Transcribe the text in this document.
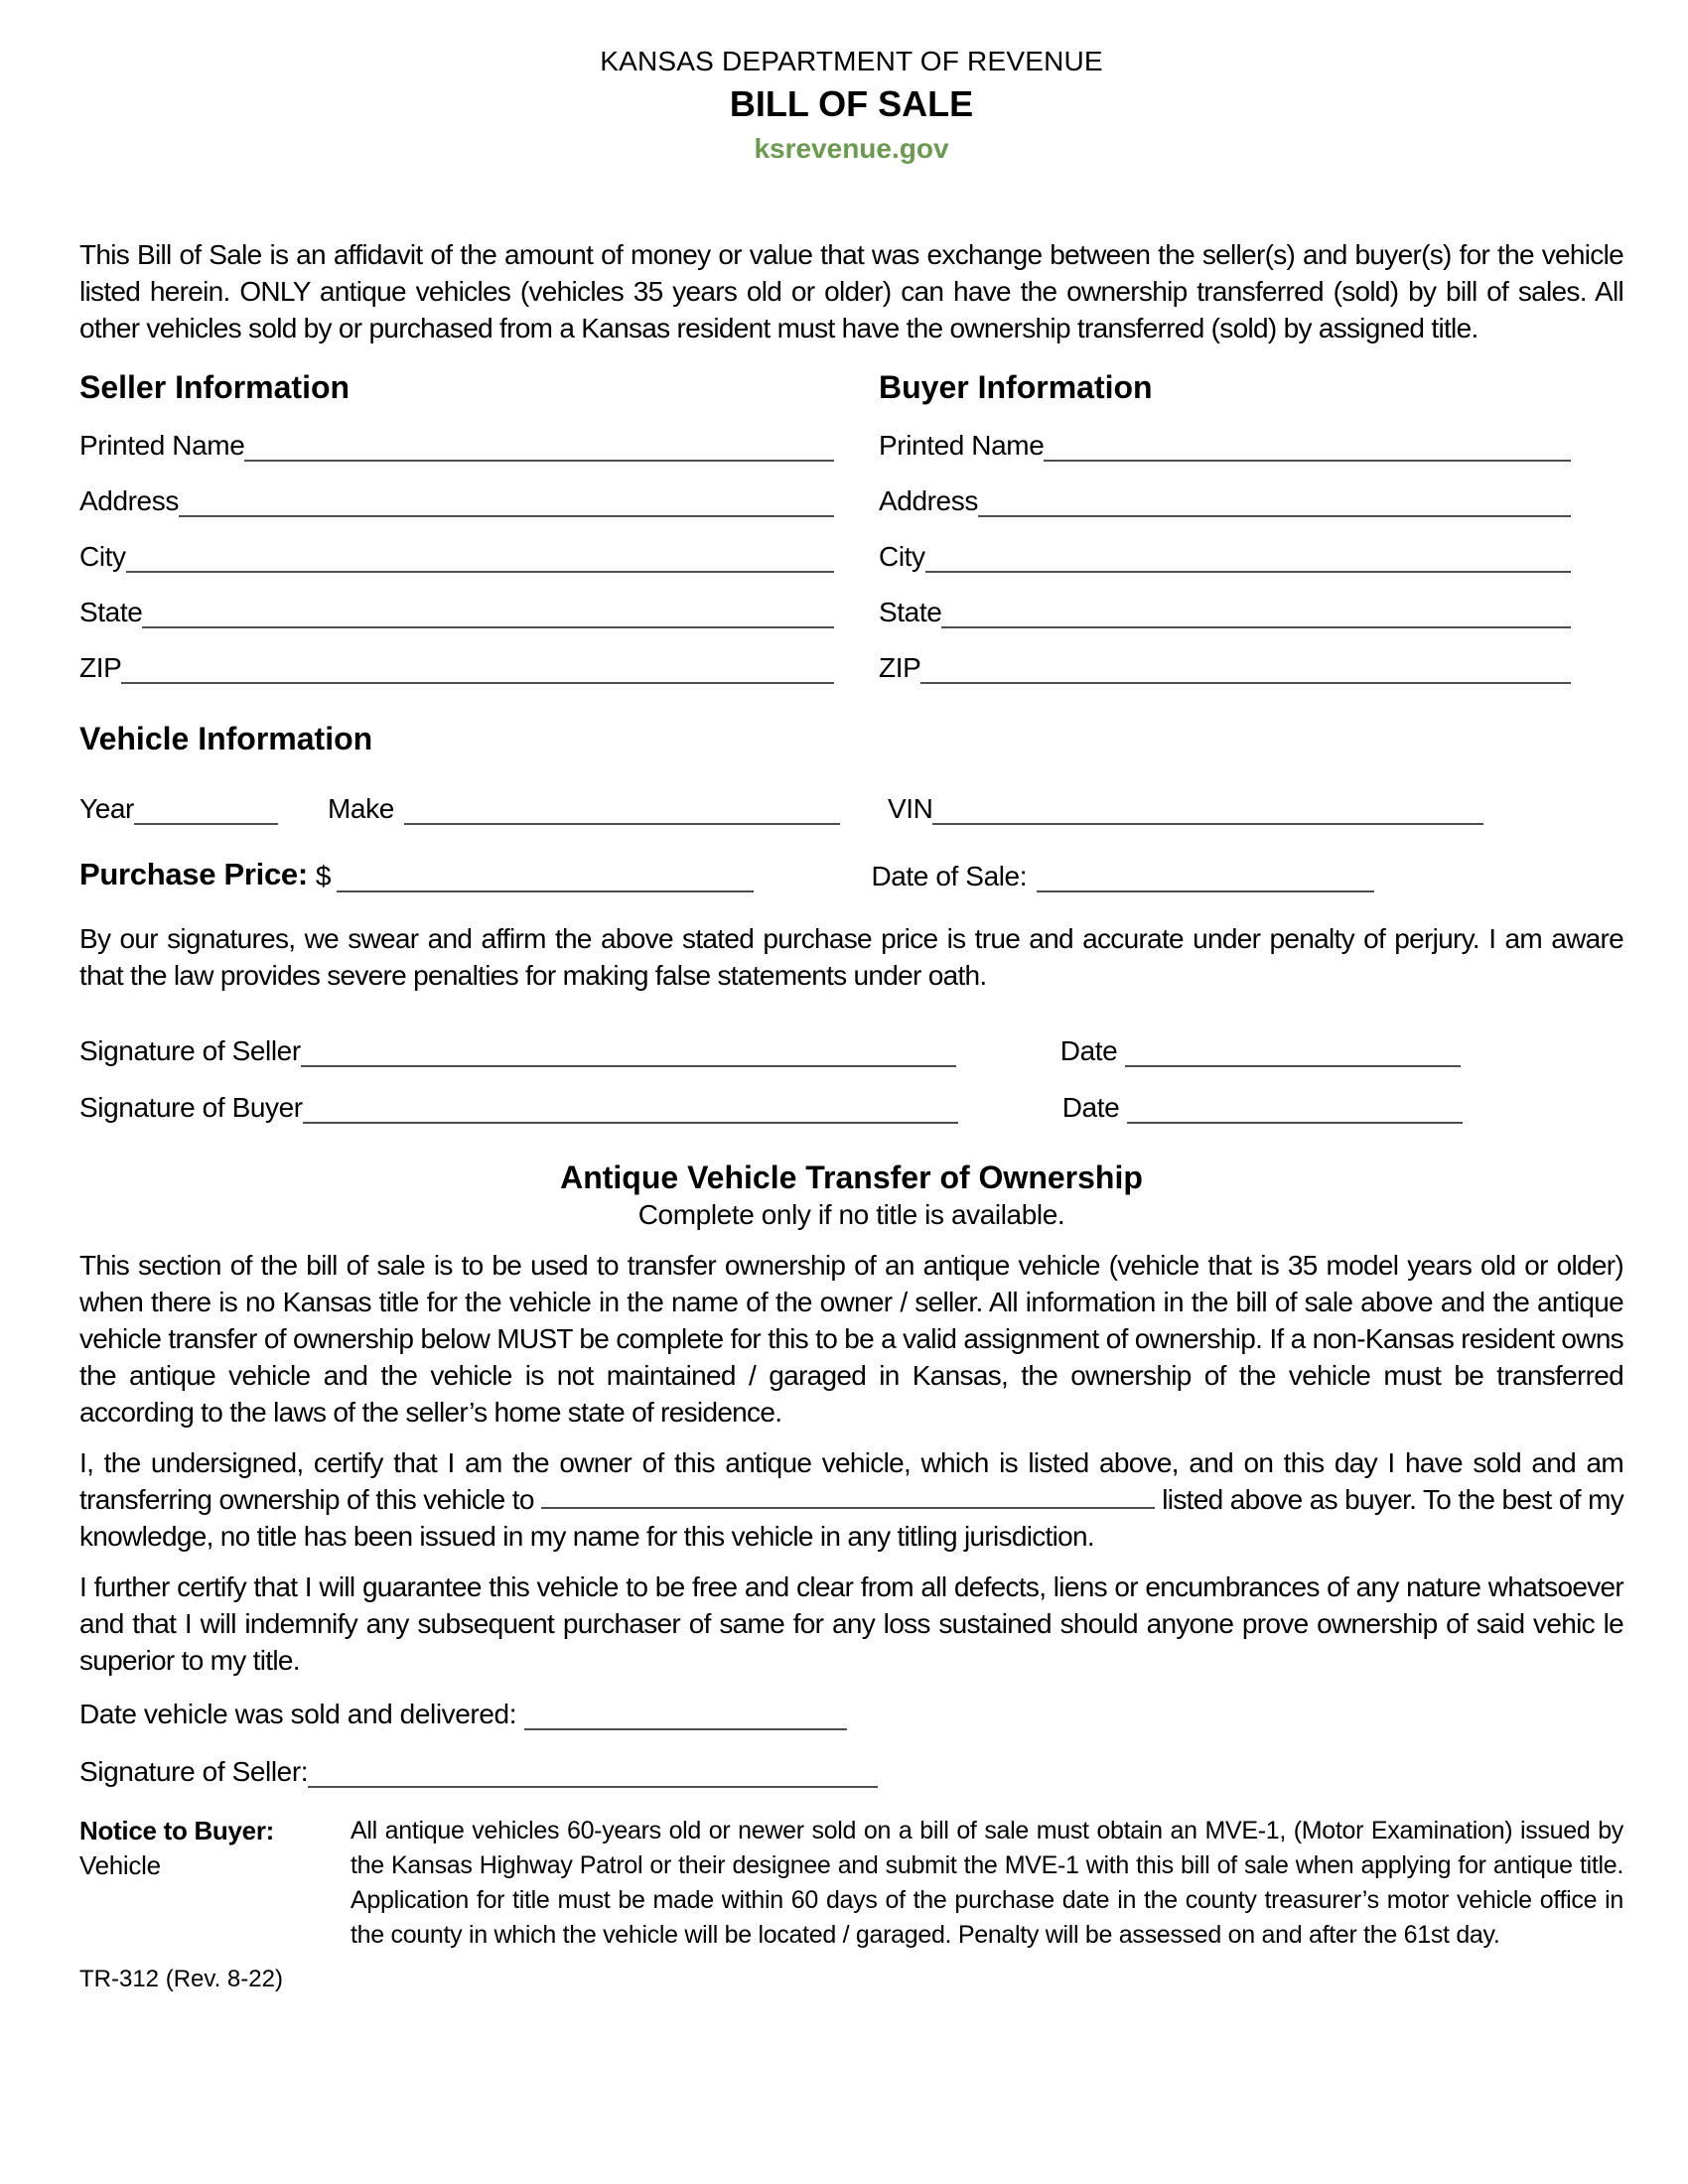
KANSAS DEPARTMENT OF REVENUE
BILL OF SALE
ksrevenue.gov

This Bill of Sale is an affidavit of the amount of money or value that was exchange between the seller(s) and buyer(s) for the vehicle listed herein. ONLY antique vehicles (vehicles 35 years old or older) can have the ownership transferred (sold) by bill of sales. All other vehicles sold by or purchased from a Kansas resident must have the ownership transferred (sold) by assigned title.

Seller Information
Printed Name
Address
City
State
ZIP
Buyer Information
Printed Name
Address
City
State
ZIP
Vehicle Information
Year	Make	VIN
Purchase Price: $	Date of Sale:

By our signatures, we swear and affirm the above stated purchase price is true and accurate under penalty of perjury. I am aware that the law provides severe penalties for making false statements under oath.

Signature of Seller	Date
Signature of Buyer	Date
Antique Vehicle Transfer of Ownership
Complete only if no title is available.

This section of the bill of sale is to be used to transfer ownership of an antique vehicle (vehicle that is 35 model years old or older) when there is no Kansas title for the vehicle in the name of the owner / seller. All information in the bill of sale above and the antique vehicle transfer of ownership below MUST be complete for this to be a valid assignment of ownership. If a non-Kansas resident owns the antique vehicle and the vehicle is not maintained / garaged in Kansas, the ownership of the vehicle must be transferred according to the laws of the seller’s home state of residence.

I, the undersigned, certify that I am the owner of this antique vehicle, which is listed above, and on this day I have sold and am transferring ownership of this vehicle to	listed above as buyer. To the best of my knowledge, no title has been issued in my name for this vehicle in any titling jurisdiction.

I further certify that I will guarantee this vehicle to be free and clear from all defects, liens or encumbrances of any nature whatsoever and that I will indemnify any subsequent purchaser of same for any loss sustained should anyone prove ownership of said vehic le superior to my title.

Date vehicle was sold and delivered:
Signature of Seller:
Notice to Buyer:
Vehicle
All antique vehicles 60-years old or newer sold on a bill of sale must obtain an MVE-1, (Motor Examination) issued by the Kansas Highway Patrol or their designee and submit the MVE-1 with this bill of sale when applying for antique title. Application for title must be made within 60 days of the purchase date in the county treasurer’s motor vehicle office in the county in which the vehicle will be located / garaged. Penalty will be assessed on and after the 61st day.
TR-312 (Rev. 8-22)
